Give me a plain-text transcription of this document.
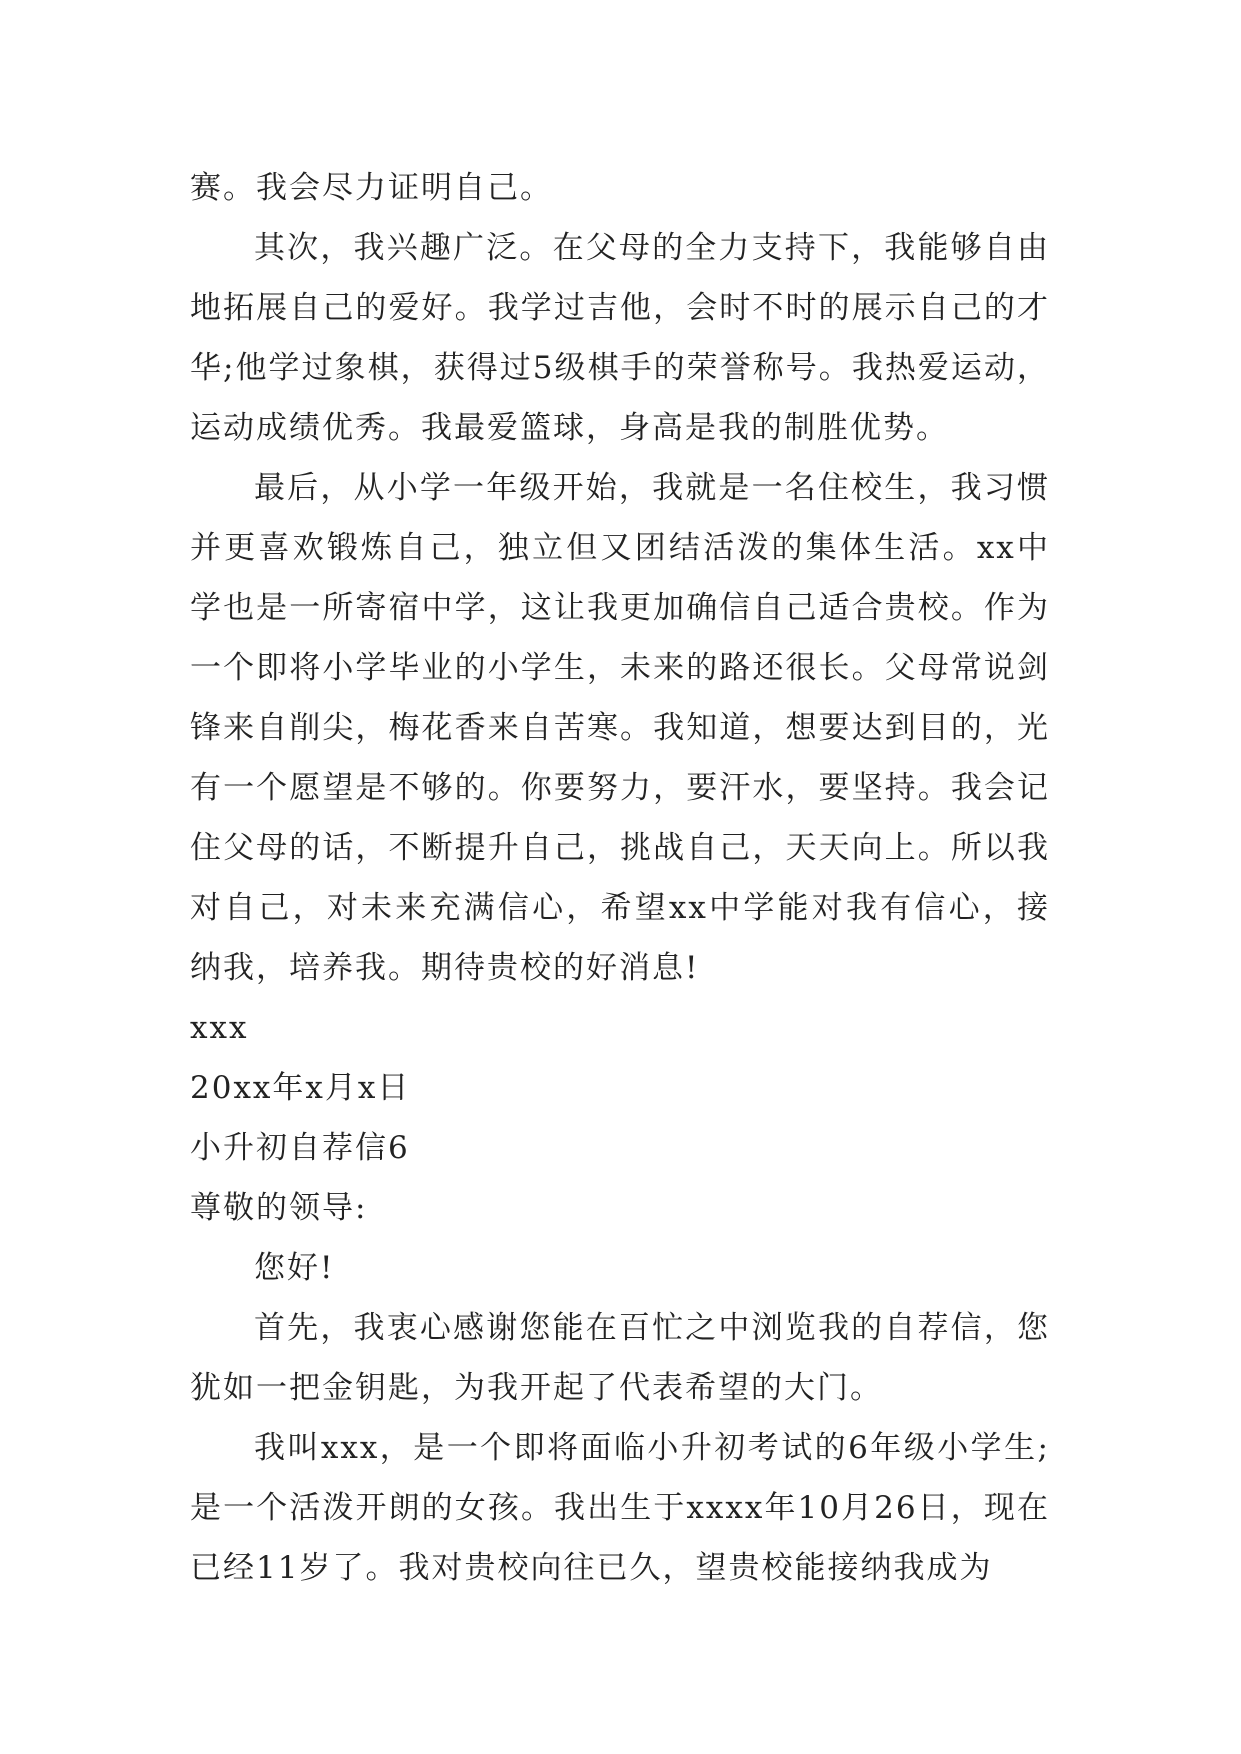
赛。我会尽力证明自己。

其次，我兴趣广泛。在父母的全力支持下，我能够自由地拓展自己的爱好。我学过吉他，会时不时的展示自己的才华;他学过象棋，获得过5级棋手的荣誉称号。我热爱运动，运动成绩优秀。我最爱篮球，身高是我的制胜优势。

最后，从小学一年级开始，我就是一名住校生，我习惯并更喜欢锻炼自己，独立但又团结活泼的集体生活。xx中学也是一所寄宿中学，这让我更加确信自己适合贵校。作为一个即将小学毕业的小学生，未来的路还很长。父母常说剑锋来自削尖，梅花香来自苦寒。我知道，想要达到目的，光有一个愿望是不够的。你要努力，要汗水，要坚持。我会记住父母的话，不断提升自己，挑战自己，天天向上。所以我对自己，对未来充满信心，希望xx中学能对我有信心，接纳我，培养我。期待贵校的好消息!

xxx

20xx年x月x日

小升初自荐信6

尊敬的领导:

您好!

首先，我衷心感谢您能在百忙之中浏览我的自荐信，您犹如一把金钥匙，为我开起了代表希望的大门。

我叫xxx，是一个即将面临小升初考试的6年级小学生;是一个活泼开朗的女孩。我出生于xxxx年10月26日，现在已经11岁了。我对贵校向往已久，望贵校能接纳我成为
